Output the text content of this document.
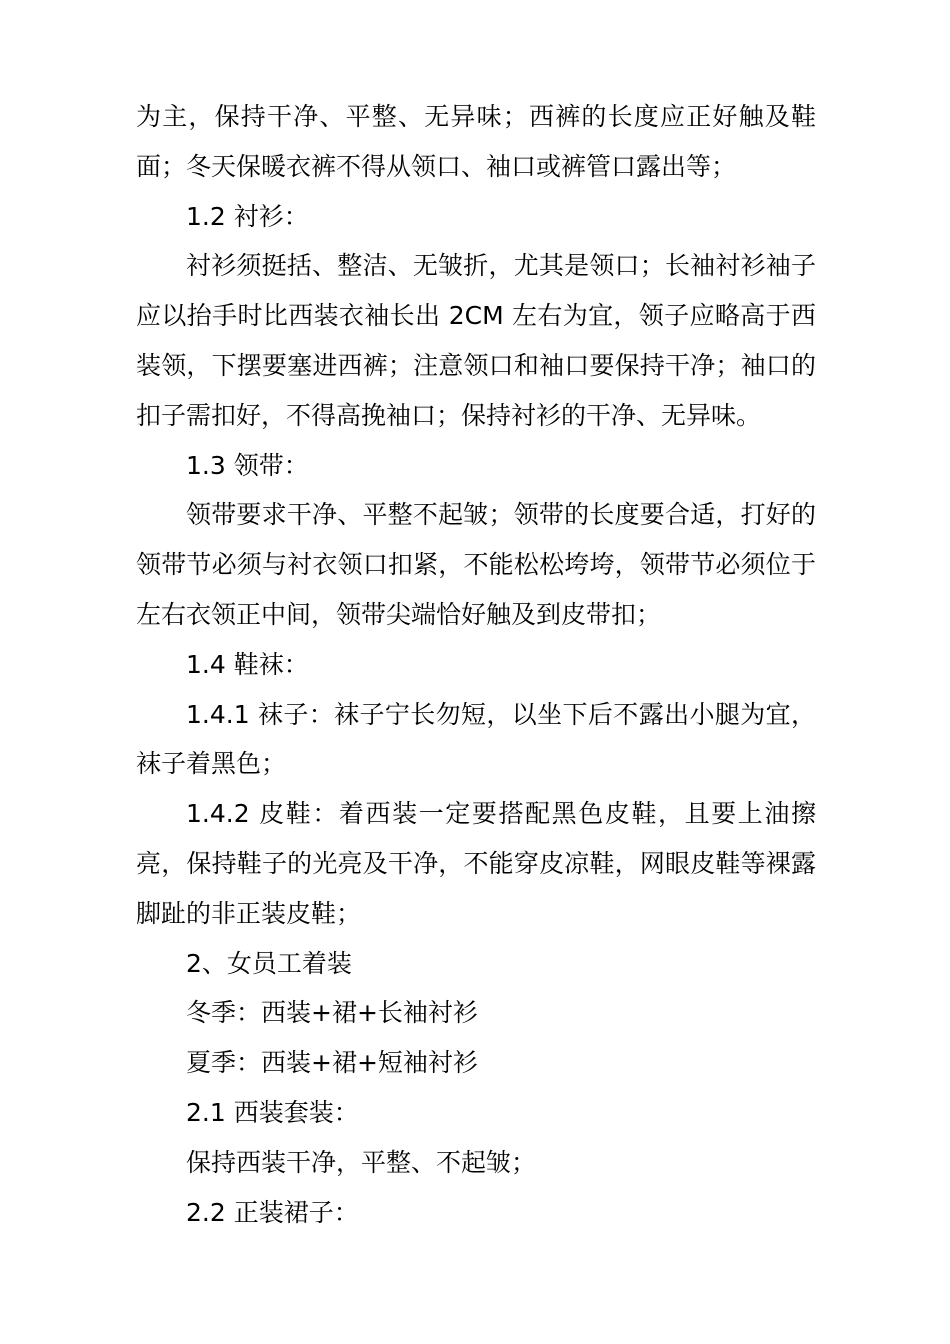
为主，保持干净、平整、无异味；西裤的长度应正好触及鞋面；冬天保暖衣裤不得从领口、袖口或裤管口露出等；

1.2 衬衫：

衬衫须挺括、整洁、无皱折，尤其是领口；长袖衬衫袖子应以抬手时比西装衣袖长出 2CM 左右为宜，领子应略高于西装领，下摆要塞进西裤；注意领口和袖口要保持干净；袖口的扣子需扣好，不得高挽袖口；保持衬衫的干净、无异味。

1.3 领带：

领带要求干净、平整不起皱；领带的长度要合适，打好的领带节必须与衬衣领口扣紧，不能松松垮垮，领带节必须位于左右衣领正中间，领带尖端恰好触及到皮带扣；

1.4 鞋袜：

1.4.1 袜子：袜子宁长勿短，以坐下后不露出小腿为宜，袜子着黑色；

1.4.2 皮鞋：着西装一定要搭配黑色皮鞋，且要上油擦亮，保持鞋子的光亮及干净，不能穿皮凉鞋，网眼皮鞋等裸露脚趾的非正装皮鞋；

2、女员工着装

冬季：西装+裙+长袖衬衫

夏季：西装+裙+短袖衬衫

2.1 西装套装：

保持西装干净，平整、不起皱；

2.2 正装裙子：
